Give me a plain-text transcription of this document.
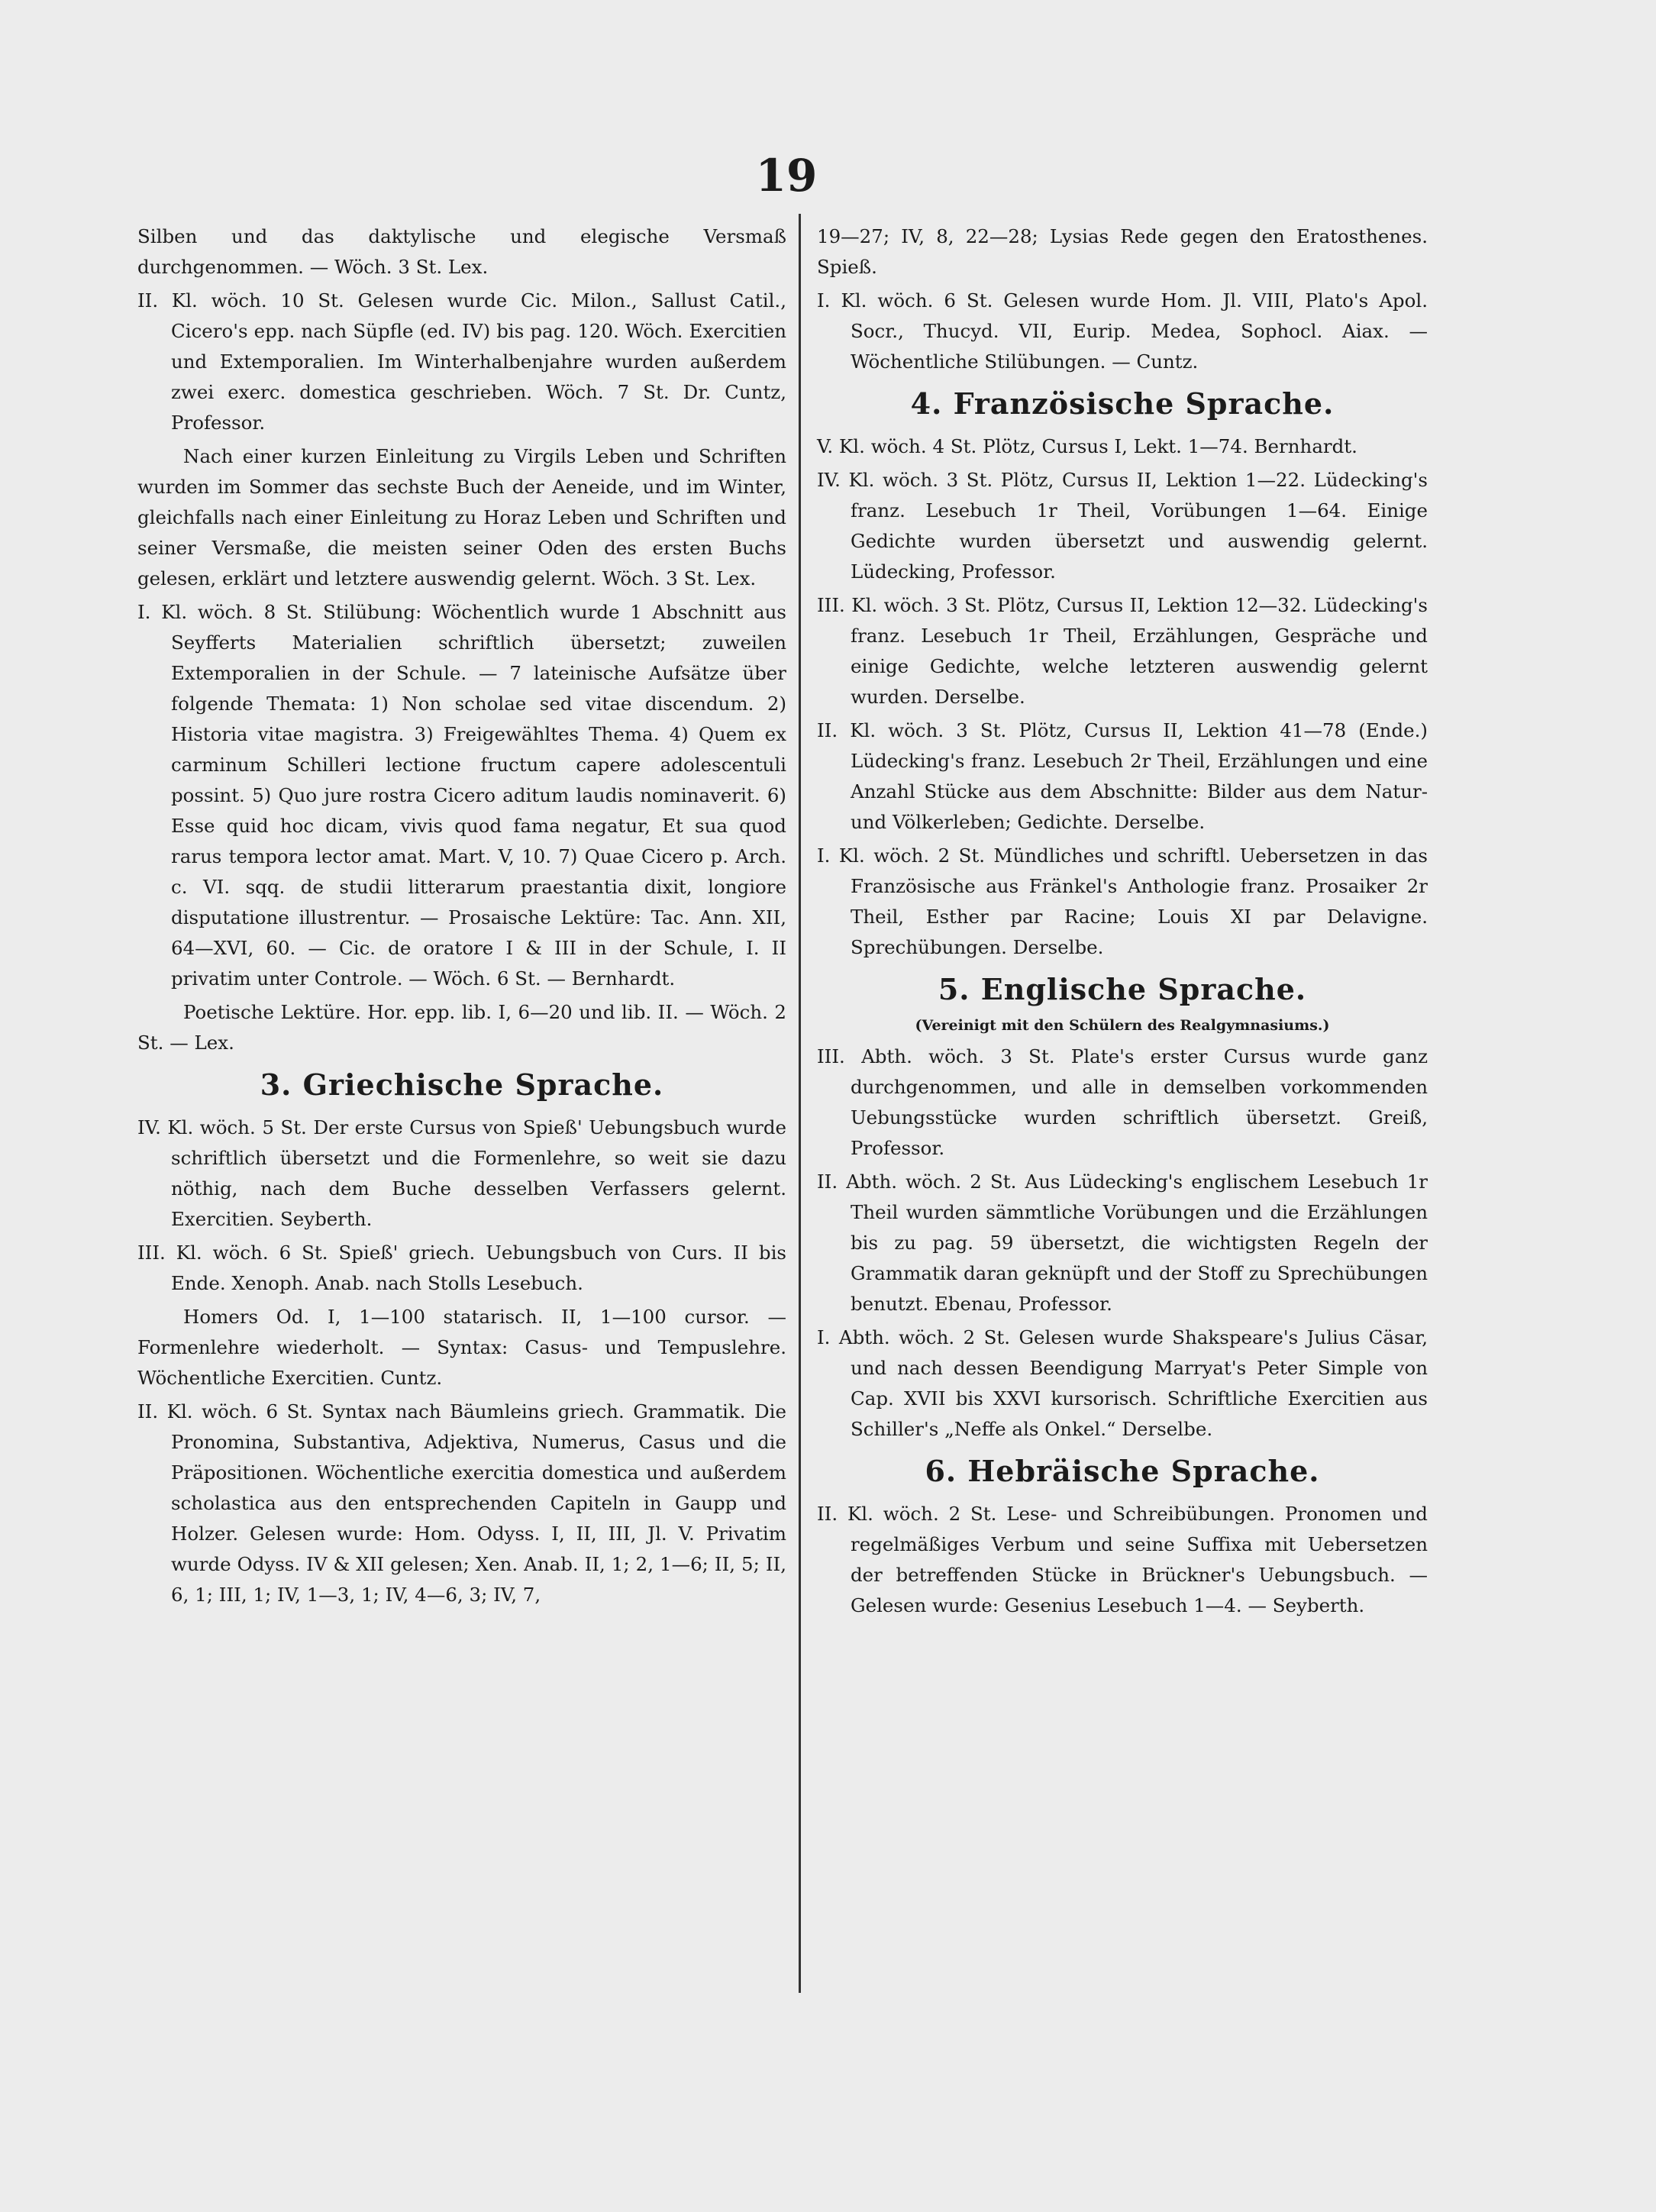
19

Silben und das daktylische und elegische Versmaß durchgenommen. — Wöch. 3 St. Lex.

II. Kl. wöch. 10 St. Gelesen wurde Cic. Milon., Sallust Catil., Cicero's epp. nach Süpfle (ed. IV) bis pag. 120. Wöch. Exercitien und Extemporalien. Im Winterhalbenjahre wurden außerdem zwei exerc. domestica geschrieben. Wöch. 7 St. Dr. Cuntz, Professor.

Nach einer kurzen Einleitung zu Virgils Leben und Schriften wurden im Sommer das sechste Buch der Aeneide, und im Winter, gleichfalls nach einer Einleitung zu Horaz Leben und Schriften und seiner Versmaße, die meisten seiner Oden des ersten Buchs gelesen, erklärt und letztere auswendig gelernt. Wöch. 3 St. Lex.

I. Kl. wöch. 8 St. Stilübung: Wöchentlich wurde 1 Abschnitt aus Seyfferts Materialien schriftlich übersetzt; zuweilen Extemporalien in der Schule. — 7 lateinische Aufsätze über folgende Themata: 1) Non scholae sed vitae discendum. 2) Historia vitae magistra. 3) Freigewähltes Thema. 4) Quem ex carminum Schilleri lectione fructum capere adolescentuli possint. 5) Quo jure rostra Cicero aditum laudis nominaverit. 6) Esse quid hoc dicam, vivis quod fama negatur, Et sua quod rarus tempora lector amat. Mart. V, 10. 7) Quae Cicero p. Arch. c. VI. sqq. de studii litterarum praestantia dixit, longiore disputatione illustrentur. — Prosaische Lektüre: Tac. Ann. XII, 64—XVI, 60. — Cic. de oratore I & III in der Schule, I. II privatim unter Controle. — Wöch. 6 St. — Bernhardt.

Poetische Lektüre. Hor. epp. lib. I, 6—20 und lib. II. — Wöch. 2 St. — Lex.

3. Griechische Sprache.

IV. Kl. wöch. 5 St. Der erste Cursus von Spieß' Uebungsbuch wurde schriftlich übersetzt und die Formenlehre, so weit sie dazu nöthig, nach dem Buche desselben Verfassers gelernt. Exercitien. Seyberth.

III. Kl. wöch. 6 St. Spieß' griech. Uebungsbuch von Curs. II bis Ende. Xenoph. Anab. nach Stolls Lesebuch.

Homers Od. I, 1—100 statarisch. II, 1—100 cursor. — Formenlehre wiederholt. — Syntax: Casus- und Tempuslehre. Wöchentliche Exercitien. Cuntz.

II. Kl. wöch. 6 St. Syntax nach Bäumleins griech. Grammatik. Die Pronomina, Substantiva, Adjektiva, Numerus, Casus und die Präpositionen. Wöchentliche exercitia domestica und außerdem scholastica aus den entsprechenden Capiteln in Gaupp und Holzer. Gelesen wurde: Hom. Odyss. I, II, III, Jl. V. Privatim wurde Odyss. IV & XII gelesen; Xen. Anab. II, 1; 2, 1—6; II, 5; II, 6, 1; III, 1; IV, 1—3, 1; IV, 4—6, 3; IV, 7,

19—27; IV, 8, 22—28; Lysias Rede gegen den Eratosthenes. Spieß.

I. Kl. wöch. 6 St. Gelesen wurde Hom. Jl. VIII, Plato's Apol. Socr., Thucyd. VII, Eurip. Medea, Sophocl. Aiax. — Wöchentliche Stilübungen. — Cuntz.

4. Französische Sprache.

V. Kl. wöch. 4 St. Plötz, Cursus I, Lekt. 1—74. Bernhardt.

IV. Kl. wöch. 3 St. Plötz, Cursus II, Lektion 1—22. Lüdecking's franz. Lesebuch 1r Theil, Vorübungen 1—64. Einige Gedichte wurden übersetzt und auswendig gelernt. Lüdecking, Professor.

III. Kl. wöch. 3 St. Plötz, Cursus II, Lektion 12—32. Lüdecking's franz. Lesebuch 1r Theil, Erzählungen, Gespräche und einige Gedichte, welche letzteren auswendig gelernt wurden. Derselbe.

II. Kl. wöch. 3 St. Plötz, Cursus II, Lektion 41—78 (Ende.) Lüdecking's franz. Lesebuch 2r Theil, Erzählungen und eine Anzahl Stücke aus dem Abschnitte: Bilder aus dem Natur- und Völkerleben; Gedichte. Derselbe.

I. Kl. wöch. 2 St. Mündliches und schriftl. Uebersetzen in das Französische aus Fränkel's Anthologie franz. Prosaiker 2r Theil, Esther par Racine; Louis XI par Delavigne. Sprechübungen. Derselbe.

5. Englische Sprache.
(Vereinigt mit den Schülern des Realgymnasiums.)

III. Abth. wöch. 3 St. Plate's erster Cursus wurde ganz durchgenommen, und alle in demselben vorkommenden Uebungsstücke wurden schriftlich übersetzt. Greiß, Professor.

II. Abth. wöch. 2 St. Aus Lüdecking's englischem Lesebuch 1r Theil wurden sämmtliche Vorübungen und die Erzählungen bis zu pag. 59 übersetzt, die wichtigsten Regeln der Grammatik daran geknüpft und der Stoff zu Sprechübungen benutzt. Ebenau, Professor.

I. Abth. wöch. 2 St. Gelesen wurde Shakspeare's Julius Cäsar, und nach dessen Beendigung Marryat's Peter Simple von Cap. XVII bis XXVI kursorisch. Schriftliche Exercitien aus Schiller's „Neffe als Onkel.“ Derselbe.

6. Hebräische Sprache.

II. Kl. wöch. 2 St. Lese- und Schreibübungen. Pronomen und regelmäßiges Verbum und seine Suffixa mit Uebersetzen der betreffenden Stücke in Brückner's Uebungsbuch. — Gelesen wurde: Gesenius Lesebuch 1—4. — Seyberth.
